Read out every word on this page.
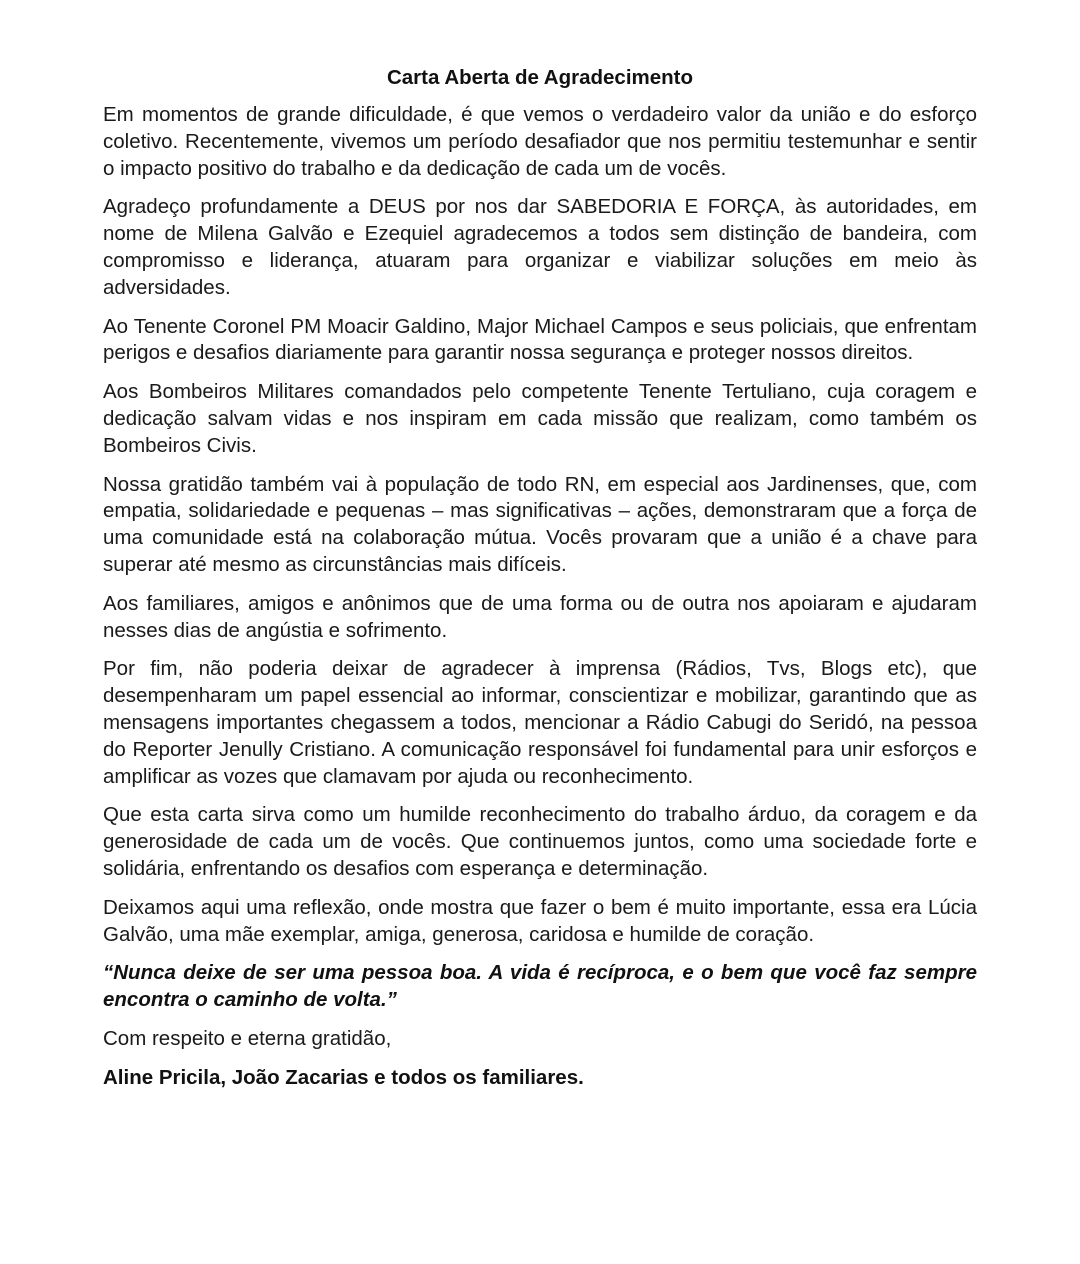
Carta Aberta de Agradecimento

Em momentos de grande dificuldade, é que vemos o verdadeiro valor da união e do esforço coletivo. Recentemente, vivemos um período desafiador que nos permitiu testemunhar e sentir o impacto positivo do trabalho e da dedicação de cada um de vocês.

Agradeço profundamente a DEUS por nos dar SABEDORIA E FORÇA, às autoridades, em nome de Milena Galvão e Ezequiel agradecemos a todos sem distinção de bandeira, com compromisso e liderança, atuaram para organizar e viabilizar soluções em meio às adversidades.

Ao Tenente Coronel PM Moacir Galdino, Major Michael Campos e seus policiais, que enfrentam perigos e desafios diariamente para garantir nossa segurança e proteger nossos direitos.

Aos Bombeiros Militares comandados pelo competente Tenente Tertuliano, cuja coragem e dedicação salvam vidas e nos inspiram em cada missão que realizam, como também os Bombeiros Civis.

Nossa gratidão também vai à população de todo RN, em especial aos Jardinenses, que, com empatia, solidariedade e pequenas – mas significativas – ações, demonstraram que a força de uma comunidade está na colaboração mútua. Vocês provaram que a união é a chave para superar até mesmo as circunstâncias mais difíceis.

Aos familiares, amigos e anônimos que de uma forma ou de outra nos apoiaram e ajudaram nesses dias de angústia e sofrimento.

Por fim, não poderia deixar de agradecer à imprensa (Rádios, Tvs, Blogs etc), que desempenharam um papel essencial ao informar, conscientizar e mobilizar, garantindo que as mensagens importantes chegassem a todos, mencionar a Rádio Cabugi do Seridó, na pessoa do Reporter Jenully Cristiano. A comunicação responsável foi fundamental para unir esforços e amplificar as vozes que clamavam por ajuda ou reconhecimento.

Que esta carta sirva como um humilde reconhecimento do trabalho árduo, da coragem e da generosidade de cada um de vocês. Que continuemos juntos, como uma sociedade forte e solidária, enfrentando os desafios com esperança e determinação.

Deixamos aqui uma reflexão, onde mostra que fazer o bem é muito importante, essa era Lúcia Galvão, uma mãe exemplar, amiga, generosa, caridosa e humilde de coração.

“Nunca deixe de ser uma pessoa boa. A vida é recíproca, e o bem que você faz sempre encontra o caminho de volta.”

Com respeito e eterna gratidão,

Aline Pricila, João Zacarias e todos os familiares.
